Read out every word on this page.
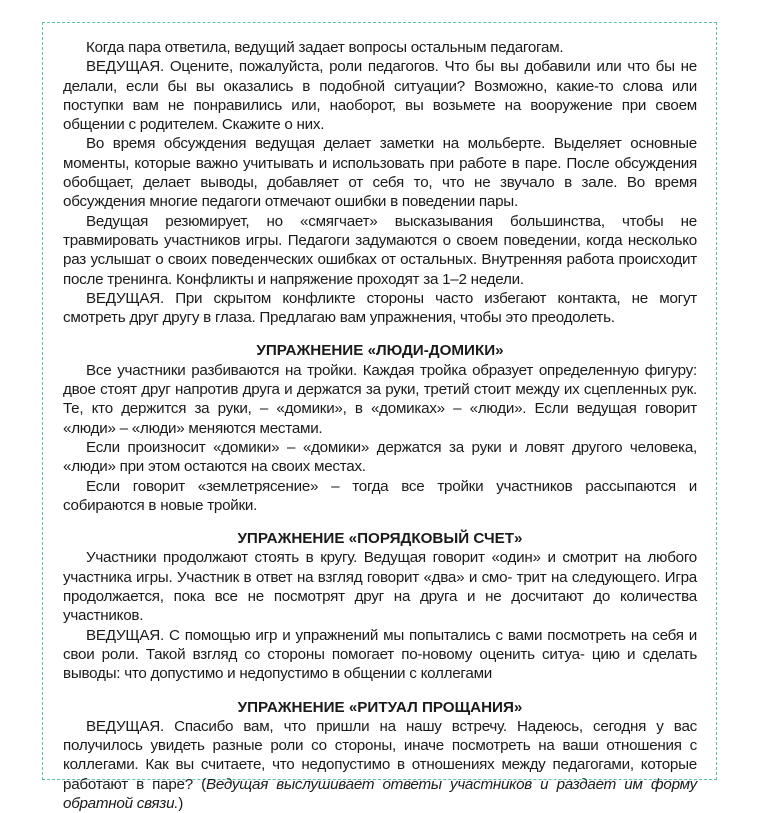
Когда пара ответила, ведущий задает вопросы остальным педагогам.

ВЕДУЩАЯ. Оцените, пожалуйста, роли педагогов. Что бы вы добавили или что бы не делали, если бы вы оказались в подобной ситуации? Возможно, какие-то слова или поступки вам не понравились или, наоборот, вы возьмете на вооружение при своем общении с родителем. Скажите о них.

Во время обсуждения ведущая делает заметки на мольберте. Выделяет основные моменты, которые важно учитывать и использовать при работе в паре. После обсуждения обобщает, делает выводы, добавляет от себя то, что не звучало в зале. Во время обсуждения многие педагоги отмечают ошибки в поведении пары.

Ведущая резюмирует, но «смягчает» высказывания большинства, чтобы не травмировать участников игры. Педагоги задумаются о своем поведении, когда несколько раз услышат о своих поведенческих ошибках от остальных. Внутренняя работа происходит после тренинга. Конфликты и напряжение проходят за 1–2 недели.

ВЕДУЩАЯ. При скрытом конфликте стороны часто избегают контакта, не могут смотреть друг другу в глаза. Предлагаю вам упражнения, чтобы это преодолеть.

УПРАЖНЕНИЕ «ЛЮДИ-ДОМИКИ»

Все участники разбиваются на тройки. Каждая тройка образует определенную фигуру: двое стоят друг напротив друга и держатся за руки, третий стоит между их сцепленных рук. Те, кто держится за руки, – «домики», в «домиках» – «люди». Если ведущая говорит «люди» – «люди» меняются местами.

Если произносит «домики» – «домики» держатся за руки и ловят другого человека, «люди» при этом остаются на своих местах.

Если говорит «землетрясение» – тогда все тройки участников рассыпаются и собираются в новые тройки.

УПРАЖНЕНИЕ «ПОРЯДКОВЫЙ СЧЕТ»

Участники продолжают стоять в кругу. Ведущая говорит «один» и смотрит на любого участника игры. Участник в ответ на взгляд говорит «два» и смо- трит на следующего. Игра продолжается, пока все не посмотрят друг на друга и не досчитают до количества участников.

ВЕДУЩАЯ. С помощью игр и упражнений мы попытались с вами посмотреть на себя и свои роли. Такой взгляд со стороны помогает по-новому оценить ситуа- цию и сделать выводы: что допустимо и недопустимо в общении с коллегами

УПРАЖНЕНИЕ «РИТУАЛ ПРОЩАНИЯ»

ВЕДУЩАЯ. Спасибо вам, что пришли на нашу встречу. Надеюсь, сегодня у вас получилось увидеть разные роли со стороны, иначе посмотреть на ваши отношения с коллегами. Как вы считаете, что недопустимо в отношениях между педагогами, которые работают в паре? (Ведущая выслушивает ответы участников и раздает им форму обратной связи.)
